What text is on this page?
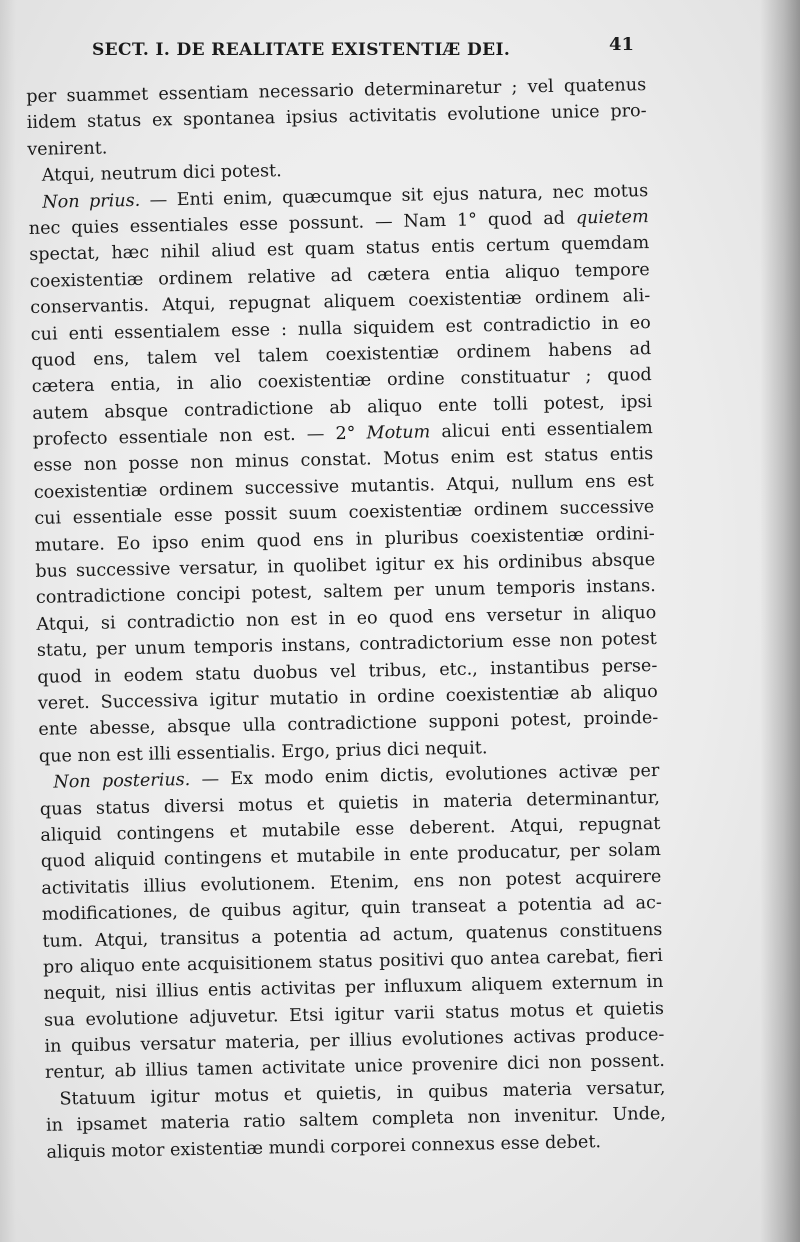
SECT. I. DE REALITATE EXISTENTIÆ DEI.	41
per suammet essentiam necessario determinaretur ; vel quatenus
iidem status ex spontanea ipsius activitatis evolutione unice pro-
venirent.
Atqui, neutrum dici potest.
Non prius. — Enti enim, quæcumque sit ejus natura, nec motus
nec quies essentiales esse possunt. — Nam 1° quod ad quietem
spectat, hæc nihil aliud est quam status entis certum quemdam
coexistentiæ ordinem relative ad cætera entia aliquo tempore
conservantis. Atqui, repugnat aliquem coexistentiæ ordinem ali-
cui enti essentialem esse : nulla siquidem est contradictio in eo
quod ens, talem vel talem coexistentiæ ordinem habens ad
cætera entia, in alio coexistentiæ ordine constituatur ; quod
autem absque contradictione ab aliquo ente tolli potest, ipsi
profecto essentiale non est. — 2° Motum alicui enti essentialem
esse non posse non minus constat. Motus enim est status entis
coexistentiæ ordinem successive mutantis. Atqui, nullum ens est
cui essentiale esse possit suum coexistentiæ ordinem successive
mutare. Eo ipso enim quod ens in pluribus coexistentiæ ordini-
bus successive versatur, in quolibet igitur ex his ordinibus absque
contradictione concipi potest, saltem per unum temporis instans.
Atqui, si contradictio non est in eo quod ens versetur in aliquo
statu, per unum temporis instans, contradictorium esse non potest
quod in eodem statu duobus vel tribus, etc., instantibus perse-
veret. Successiva igitur mutatio in ordine coexistentiæ ab aliquo
ente abesse, absque ulla contradictione supponi potest, proinde-
que non est illi essentialis. Ergo, prius dici nequit.
Non posterius. — Ex modo enim dictis, evolutiones activæ per
quas status diversi motus et quietis in materia determinantur,
aliquid contingens et mutabile esse deberent. Atqui, repugnat
quod aliquid contingens et mutabile in ente producatur, per solam
activitatis illius evolutionem. Etenim, ens non potest acquirere
modificationes, de quibus agitur, quin transeat a potentia ad ac-
tum. Atqui, transitus a potentia ad actum, quatenus constituens
pro aliquo ente acquisitionem status positivi quo antea carebat, fieri
nequit, nisi illius entis activitas per influxum aliquem externum in
sua evolutione adjuvetur. Etsi igitur varii status motus et quietis
in quibus versatur materia, per illius evolutiones activas produce-
rentur, ab illius tamen activitate unice provenire dici non possent.
Statuum igitur motus et quietis, in quibus materia versatur,
in ipsamet materia ratio saltem completa non invenitur. Unde,
aliquis motor existentiæ mundi corporei connexus esse debet.
